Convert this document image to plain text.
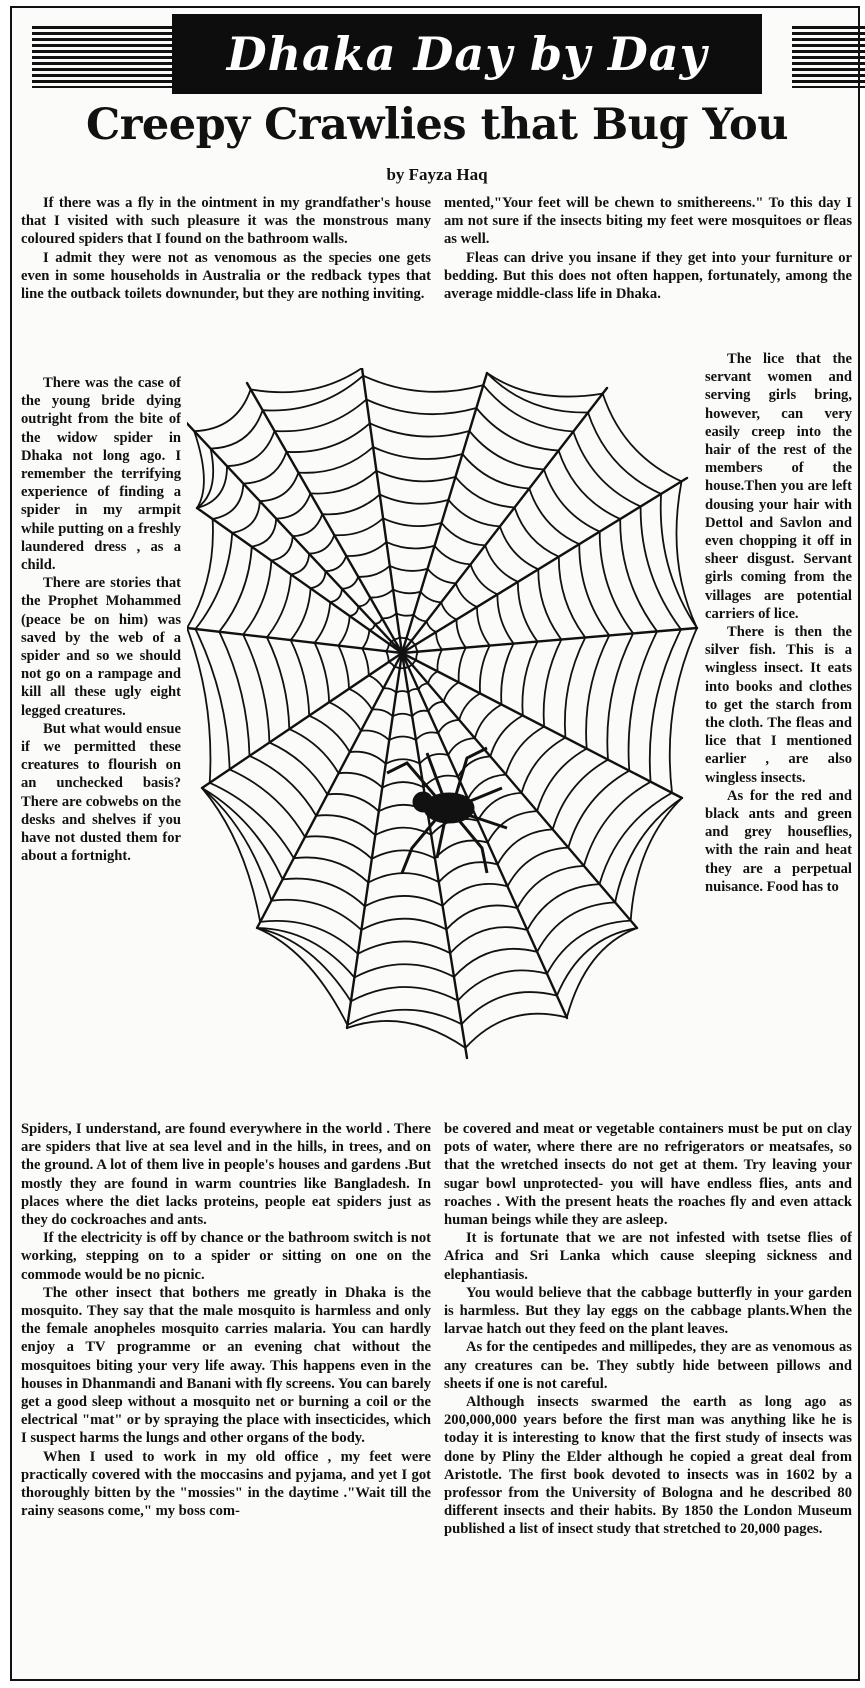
Dhaka Day by Day
Creepy Crawlies that Bug You
by Fayza Haq

If there was a fly in the ointment in my grandfather's house that I visited with such pleasure it was the monstrous many coloured spiders that I found on the bathroom walls.

I admit they were not as venomous as the species one gets even in some households in Australia or the redback types that line the outback toilets downunder, but they are nothing inviting.

mented,"Your feet will be chewn to smithereens." To this day I am not sure if the insects biting my feet were mosquitoes or fleas as well.

Fleas can drive you insane if they get into your furniture or bedding. But this does not often happen, fortunately, among the average middle-class life in Dhaka.

There was the case of the young bride dying outright from the bite of the widow spider in Dhaka not long ago. I remember the terrifying experience of finding a spider in my armpit while putting on a freshly laundered dress , as a child.

There are stories that the Prophet Mohammed (peace be on him) was saved by the web of a spider and so we should not go on a rampage and kill all these ugly eight legged creatures.

But what would ensue if we permitted these creatures to flourish on an unchecked basis? There are cobwebs on the desks and shelves if you have not dusted them for about a fortnight.

The lice that the servant women and serving girls bring, however, can very easily creep into the hair of the rest of the members of the house.Then you are left dousing your hair with Dettol and Savlon and even chopping it off in sheer disgust. Servant girls coming from the villages are potential carriers of lice.

There is then the silver fish. This is a wingless insect. It eats into books and clothes to get the starch from the cloth. The fleas and lice that I mentioned earlier , are also wingless insects.

As for the red and black ants and green and grey houseflies, with the rain and heat they are a perpetual nuisance. Food has to

Spiders, I understand, are found everywhere in the world . There are spiders that live at sea level and in the hills, in trees, and on the ground. A lot of them live in people's houses and gardens .But mostly they are found in warm countries like Bangladesh. In places where the diet lacks proteins, people eat spiders just as they do cockroaches and ants.

If the electricity is off by chance or the bathroom switch is not working, stepping on to a spider or sitting on one on the commode would be no picnic.

The other insect that bothers me greatly in Dhaka is the mosquito. They say that the male mosquito is harmless and only the female anopheles mosquito carries malaria. You can hardly enjoy a TV programme or an evening chat without the mosquitoes biting your very life away. This happens even in the houses in Dhanmandi and Banani with fly screens. You can barely get a good sleep without a mosquito net or burning a coil or the electrical "mat" or by spraying the place with insecticides, which I suspect harms the lungs and other organs of the body.

When I used to work in my old office , my feet were practically covered with the moccasins and pyjama, and yet I got thoroughly bitten by the "mossies" in the daytime ."Wait till the rainy seasons come," my boss com-

be covered and meat or vegetable containers must be put on clay pots of water, where there are no refrigerators or meatsafes, so that the wretched insects do not get at them. Try leaving your sugar bowl unprotected- you will have endless flies, ants and roaches . With the present heats the roaches fly and even attack human beings while they are asleep.

It is fortunate that we are not infested with tsetse flies of Africa and Sri Lanka which cause sleeping sickness and elephantiasis.

You would believe that the cabbage butterfly in your garden is harmless. But they lay eggs on the cabbage plants.When the larvae hatch out they feed on the plant leaves.

As for the centipedes and millipedes, they are as venomous as any creatures can be. They subtly hide between pillows and sheets if one is not careful.

Although insects swarmed the earth as long ago as 200,000,000 years before the first man was anything like he is today it is interesting to know that the first study of insects was done by Pliny the Elder although he copied a great deal from Aristotle. The first book devoted to insects was in 1602 by a professor from the University of Bologna and he described 80 different insects and their habits. By 1850 the London Museum published a list of insect study that stretched to 20,000 pages.
